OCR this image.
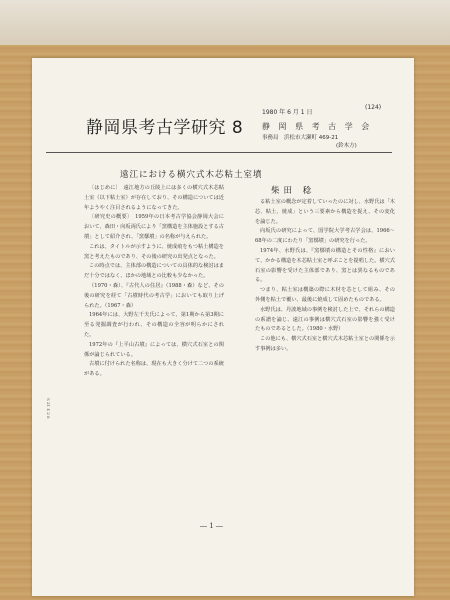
(124)
静岡県考古学研究 8
1980 年 6 月 1 日
静 岡 県 考 古 学 会
事務局　浜松市大瀬町 469-21
(鈴木方)
遠江における横穴式木芯粘土室墳
柴田 稔

〔はじめに〕　遠江地方の丘陵上には多くの横穴式木芯粘土室（以下粘土室）が存在しており、その構造については近年ようやく注目されるようになってきた。

〔研究史の概要〕　1959年の日本考古学協会静岡大会において、森田・向坂両氏により「窯構造を主体施設とする古墳」として紹介され、「窯槨墳」の名称が与えられた。

これは、タイトルが示すように、焼成痕をもつ粘土構造を窯と考えたものであり、その後の研究の出発点となった。

この時点では、主体部の構造についての具体的な検討はまだ十分ではなく、ほかの地域との比較も少なかった。

（1970・森）、『古代人の住居』（1988・森）など、その後の研究を経て「古墳時代の考古学」においても取り上げられた。（1967・森）

1964年には、大野左千夫氏によって、第1期から第3期に至る発掘調査が行われ、その構造の全容が明らかにされた。

1972年の『上平山古墳』によっては、横穴式石室との関係が論じられている。

古墳に付けられた名称は、現在も大きく分けて二つの系統がある。

る粘土室の概念が定着していったのに対し、水野氏は「木芯、粘土、焼成」という三要素から構造を捉え、その変化を論じた。

向坂氏の研究によって、国学院大学考古学会は、1966〜68年の二度にわたり「窯槨墳」の研究を行った。

1974年、水野氏は、『窯槨墳の構造とその性格』において、かかる構造を木芯粘土室と呼ぶことを提唱した。横穴式石室の影響を受けた主体部であり、窯とは異なるものである。

つまり、粘土室は構築の際に木材を芯として組み、その外側を粘土で覆い、最後に焼成して固めたものである。

水野氏は、丹波地域の事例を検討した上で、それらの構造の系譜を論じ、遠江の事例は横穴式石室の影響を強く受けたものであるとした。（1980・水野）

この他にも、横穴式石室と横穴式木芯粘土室との関係を示す事例は多い。

S 21 4 2 8
― 1 ―
